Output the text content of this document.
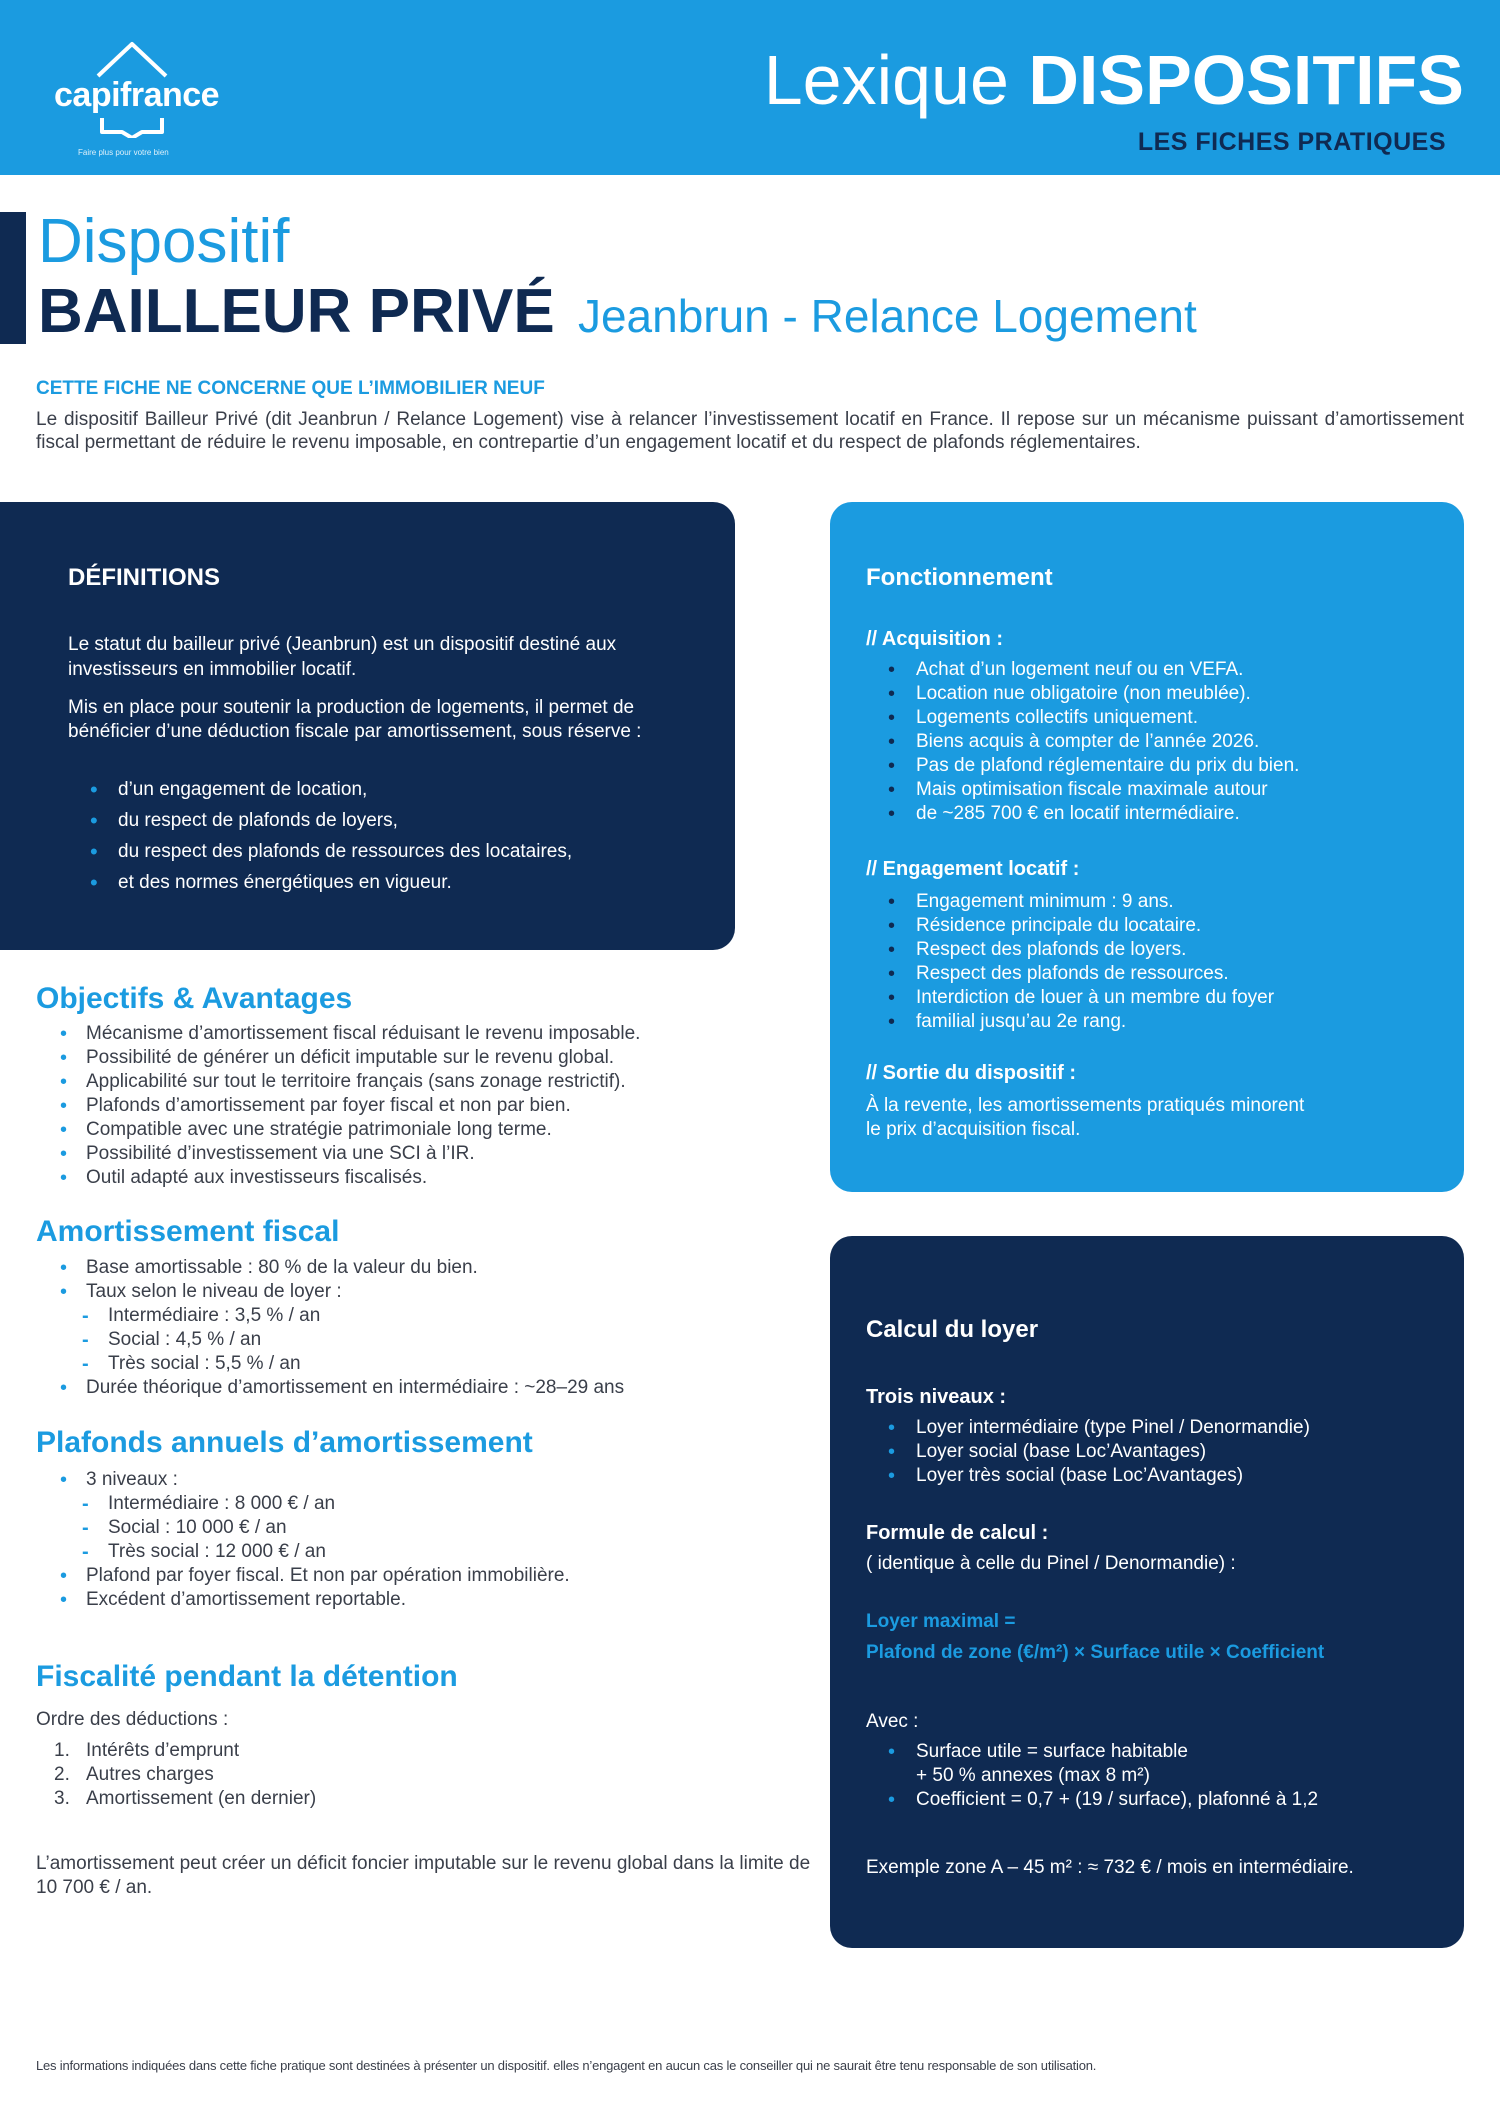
capifrance
Faire plus pour votre bien
Lexique DISPOSITIFS
LES FICHES PRATIQUES
Dispositif
BAILLEUR PRIVÉ Jeanbrun - Relance Logement
CETTE FICHE NE CONCERNE QUE L’IMMOBILIER NEUF
Le dispositif Bailleur Privé (dit Jeanbrun / Relance Logement) vise à relancer l’investissement locatif en France. Il repose sur un mécanisme puissant d’amortissement fiscal permettant de réduire le revenu imposable, en contrepartie d’un engagement locatif et du respect de plafonds réglementaires.
DÉFINITIONS
Le statut du bailleur privé (Jeanbrun) est un dispositif destiné aux investisseurs en immobilier locatif.
Mis en place pour soutenir la production de logements, il permet de bénéficier d’une déduction fiscale par amortissement, sous réserve :
• d’un engagement de location,
• du respect de plafonds de loyers,
• du respect des plafonds de ressources des locataires,
• et des normes énergétiques en vigueur.
Objectifs & Avantages
• Mécanisme d’amortissement fiscal réduisant le revenu imposable.
• Possibilité de générer un déficit imputable sur le revenu global.
• Applicabilité sur tout le territoire français (sans zonage restrictif).
• Plafonds d’amortissement par foyer fiscal et non par bien.
• Compatible avec une stratégie patrimoniale long terme.
• Possibilité d’investissement via une SCI à l’IR.
• Outil adapté aux investisseurs fiscalisés.
Amortissement fiscal
• Base amortissable : 80 % de la valeur du bien.
• Taux selon le niveau de loyer :
- Intermédiaire : 3,5 % / an
- Social : 4,5 % / an
- Très social : 5,5 % / an
• Durée théorique d’amortissement en intermédiaire : ~28–29 ans
Plafonds annuels d’amortissement
• 3 niveaux :
- Intermédiaire : 8 000 € / an
- Social : 10 000 € / an
- Très social : 12 000 € / an
• Plafond par foyer fiscal. Et non par opération immobilière.
• Excédent d’amortissement reportable.
Fiscalité pendant la détention
Ordre des déductions :
1. Intérêts d’emprunt
2. Autres charges
3. Amortissement (en dernier)
L’amortissement peut créer un déficit foncier imputable sur le revenu global dans la limite de 10 700 € / an.
Fonctionnement
// Acquisition :
• Achat d’un logement neuf ou en VEFA.
• Location nue obligatoire (non meublée).
• Logements collectifs uniquement.
• Biens acquis à compter de l’année 2026.
• Pas de plafond réglementaire du prix du bien.
• Mais optimisation fiscale maximale autour
• de ~285 700 € en locatif intermédiaire.
// Engagement locatif :
• Engagement minimum : 9 ans.
• Résidence principale du locataire.
• Respect des plafonds de loyers.
• Respect des plafonds de ressources.
• Interdiction de louer à un membre du foyer
• familial jusqu’au 2e rang.
// Sortie du dispositif :
À la revente, les amortissements pratiqués minorent
le prix d’acquisition fiscal.
Calcul du loyer
Trois niveaux :
• Loyer intermédiaire (type Pinel / Denormandie)
• Loyer social (base Loc’Avantages)
• Loyer très social (base Loc’Avantages)
Formule de calcul :
( identique à celle du Pinel / Denormandie) :
Loyer maximal =
Plafond de zone (€/m²) × Surface utile × Coefficient
Avec :
• Surface utile = surface habitable
+ 50 % annexes (max 8 m²)
• Coefficient = 0,7 + (19 / surface), plafonné à 1,2
Exemple zone A – 45 m² : ≈ 732 € / mois en intermédiaire.
Les informations indiquées dans cette fiche pratique sont destinées à présenter un dispositif. elles n’engagent en aucun cas le conseiller qui ne saurait être tenu responsable de son utilisation.
